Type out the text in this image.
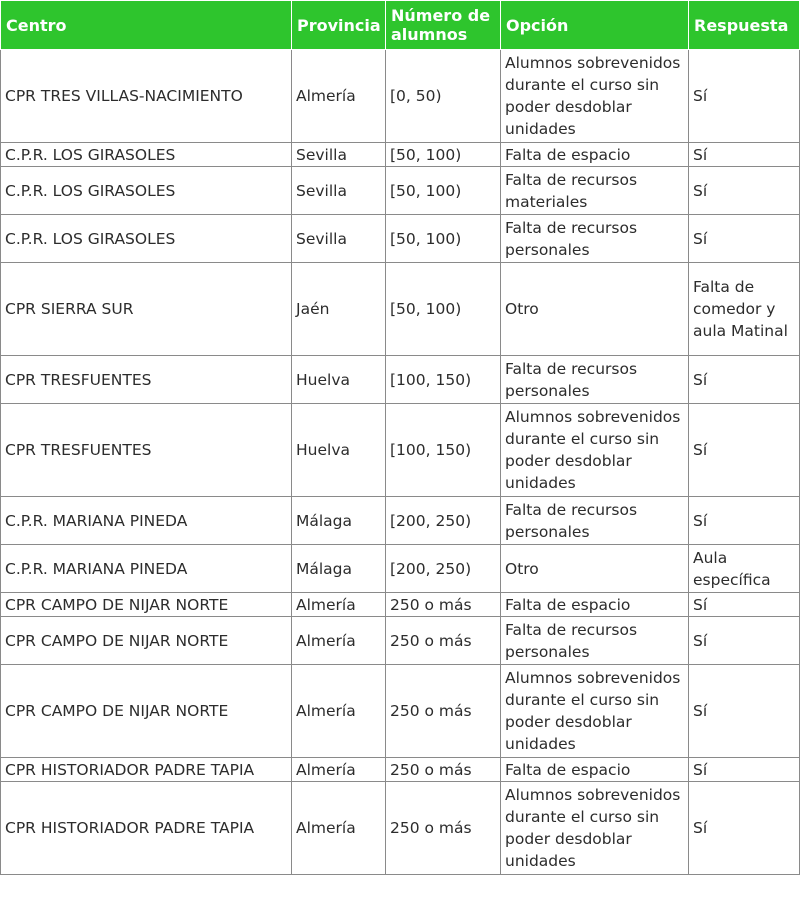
Centro	Provincia	Número de alumnos	Opción	Respuesta
CPR TRES VILLAS-NACIMIENTO	Almería	[0, 50)	Alumnos sobrevenidos durante el curso sin poder desdoblar unidades	Sí
C.P.R. LOS GIRASOLES	Sevilla	[50, 100)	Falta de espacio	Sí
C.P.R. LOS GIRASOLES	Sevilla	[50, 100)	Falta de recursos materiales	Sí
C.P.R. LOS GIRASOLES	Sevilla	[50, 100)	Falta de recursos personales	Sí
CPR SIERRA SUR	Jaén	[50, 100)	Otro	Falta de comedor y aula Matinal
CPR TRESFUENTES	Huelva	[100, 150)	Falta de recursos personales	Sí
CPR TRESFUENTES	Huelva	[100, 150)	Alumnos sobrevenidos durante el curso sin poder desdoblar unidades	Sí
C.P.R. MARIANA PINEDA	Málaga	[200, 250)	Falta de recursos personales	Sí
C.P.R. MARIANA PINEDA	Málaga	[200, 250)	Otro	Aula específica
CPR CAMPO DE NIJAR NORTE	Almería	250 o más	Falta de espacio	Sí
CPR CAMPO DE NIJAR NORTE	Almería	250 o más	Falta de recursos personales	Sí
CPR CAMPO DE NIJAR NORTE	Almería	250 o más	Alumnos sobrevenidos durante el curso sin poder desdoblar unidades	Sí
CPR HISTORIADOR PADRE TAPIA	Almería	250 o más	Falta de espacio	Sí
CPR HISTORIADOR PADRE TAPIA	Almería	250 o más	Alumnos sobrevenidos durante el curso sin poder desdoblar unidades	Sí
